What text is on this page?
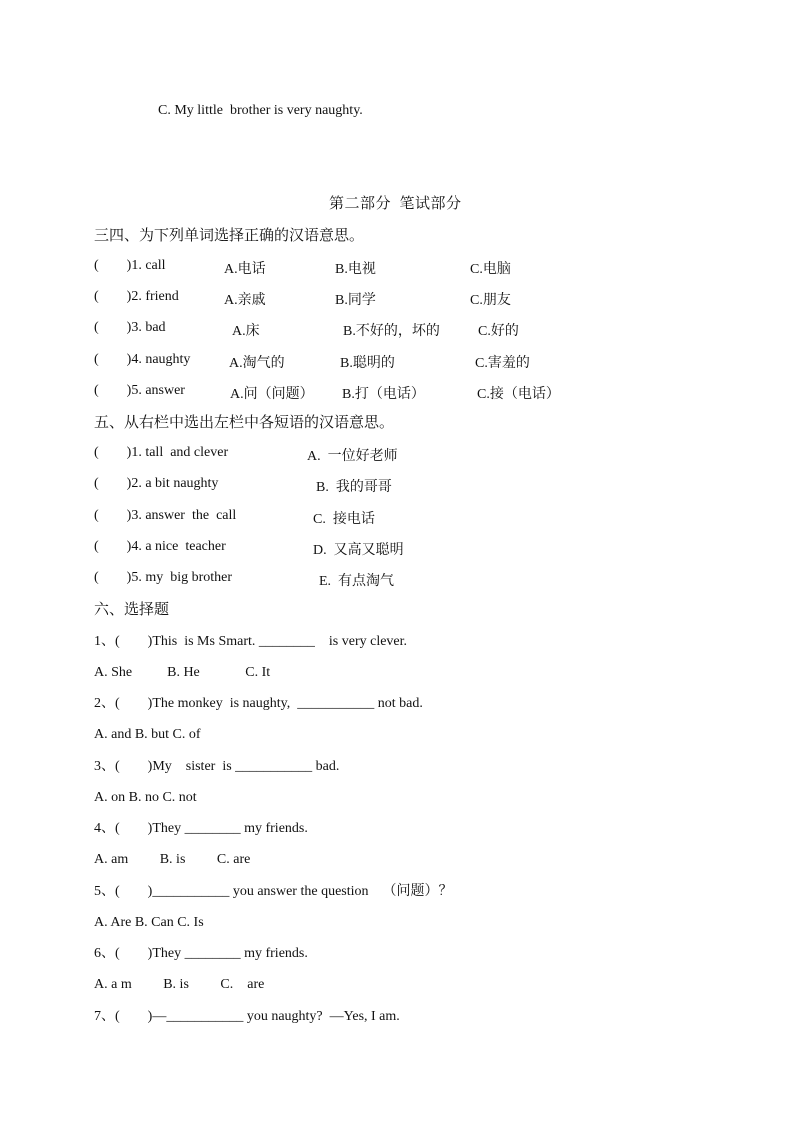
C. My little  brother is very naughty.
第二部分  笔试部分
三四、为下列单词选择正确的汉语意思。
(        )1. call	A.电话	B.电视	C.电脑
(        )2. friend	A.亲戚	B.同学	C.朋友
(        )3. bad	A.床	B.不好的，坏的	C.好的
(        )4. naughty	A.淘气的	B.聪明的	C.害羞的
(        )5. answer	A.问（问题） B.打（电话）	C.接（电话）
五、从右栏中选出左栏中各短语的汉语意思。
(        )1. tall  and clever	A.  一位好老师
(        )2. a bit naughty	B.  我的哥哥
(        )3. answer  the  call	C.  接电话
(        )4. a nice  teacher	D.  又高又聪明
(        )5. my  big brother	E.  有点淘气
六、选择题
1、(        )This  is Ms Smart. ________    is very clever.
A. She          B. He             C. It
2、(        )The monkey  is naughty,  ___________ not bad.
A. and B. but C. of
3、(        )My    sister  is ___________ bad.
A. on B. no C. not
4、(        )They ________ my friends.
A. am         B. is         C. are
5、(        )___________ you answer the question    （问题）？
A. Are B. Can C. Is
6、(        )They ________ my friends.
A. a m         B. is         C.    are
7、(        )—___________ you naughty?  —Yes, I am.
